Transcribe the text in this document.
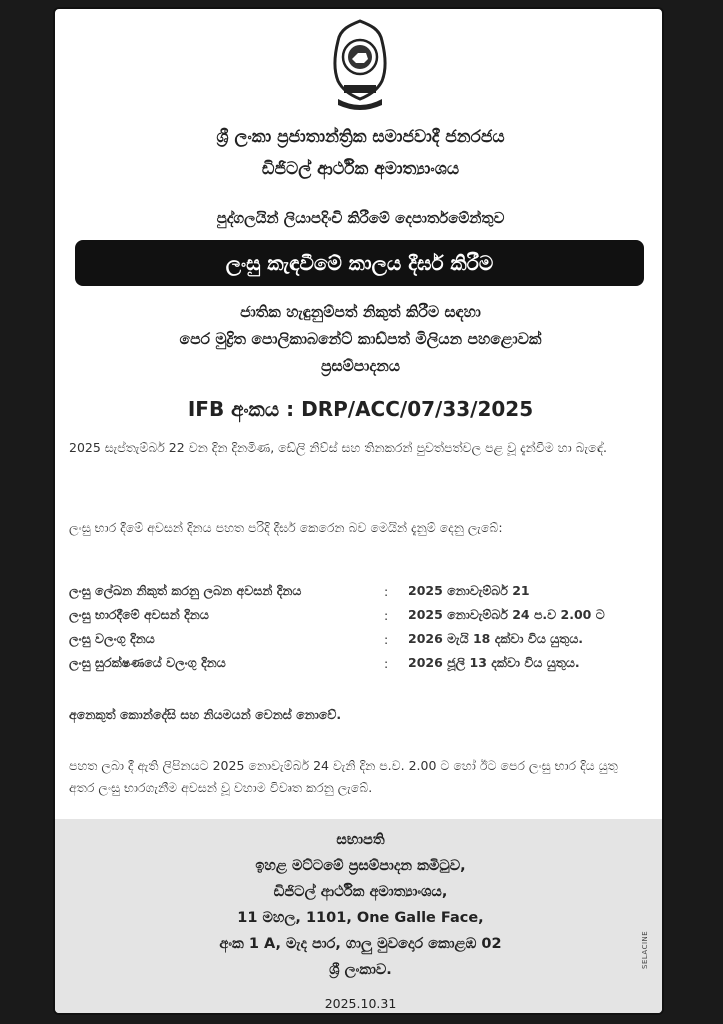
ශ්‍රී ලංකා ප්‍රජාතාන්ත්‍රික සමාජවාදී ජනරජය
ඩිජිටල් ආර්ථික අමාත්‍යාංශය
පුද්ගලයින් ලියාපදිංචි කිරීමේ දෙපාර්තමේන්තුව
ලංසු කැඳවීමේ කාලය දීර්ඝ කිරීම
ජාතික හැඳුනුම්පත් නිකුත් කිරීම සඳහා
පෙර මුද්‍රිත පොලිකාබනේට් කාඩ්පත් මිලියන පහළොවක්
ප්‍රසම්පාදනය
IFB අංකය : DRP/ACC/07/33/2025
2025 සැප්තැම්බර් 22 වන දින දිනමිණ, ඩේලි නිව්ස් සහ තිනකරන් පුවත්පත්වල පළ වූ දැන්වීම හා බැඳේ.
ලංසු භාර දීමේ අවසන් දිනය පහත පරිදි දීර්ඝ කෙරෙන බව මෙයින් දැනුම් දෙනු ලැබේ:
ලංසු ලේඛන නිකුත් කරනු ලබන අවසන් දිනය	:	2025 නොවැම්බර් 21
ලංසු භාරදීමේ අවසන් දිනය	:	2025 නොවැම්බර් 24 ප.ව 2.00 ට
ලංසු වලංගු දිනය	:	2026 මැයි 18 දක්වා විය යුතුය.
ලංසු සුරක්ෂණයේ වලංගු දිනය	:	2026 ජූලි 13 දක්වා විය යුතුය.
අනෙකුත් කොන්දේසි සහ නියමයන් වෙනස් නොවේ.
පහත ලබා දී ඇති ලිපිනයට 2025 නොවැම්බර් 24 වැනි දින ප.ව. 2.00 ට හෝ ඊට පෙර ලංසු භාර දිය යුතු අතර ලංසු භාරගැනීම අවසන් වූ වහාම විවෘත කරනු ලැබේ.
සභාපති
ඉහළ මට්ටමේ ප්‍රසම්පාදන කමිටුව,
ඩිජිටල් ආර්ථික අමාත්‍යාංශය,
11 මහල, 1101, One Galle Face,
අංක 1 A, මැද පාර, ගාලු මුවදොර කොළඹ 02
ශ්‍රී ලංකාව.
2025.10.31
SELACINE
